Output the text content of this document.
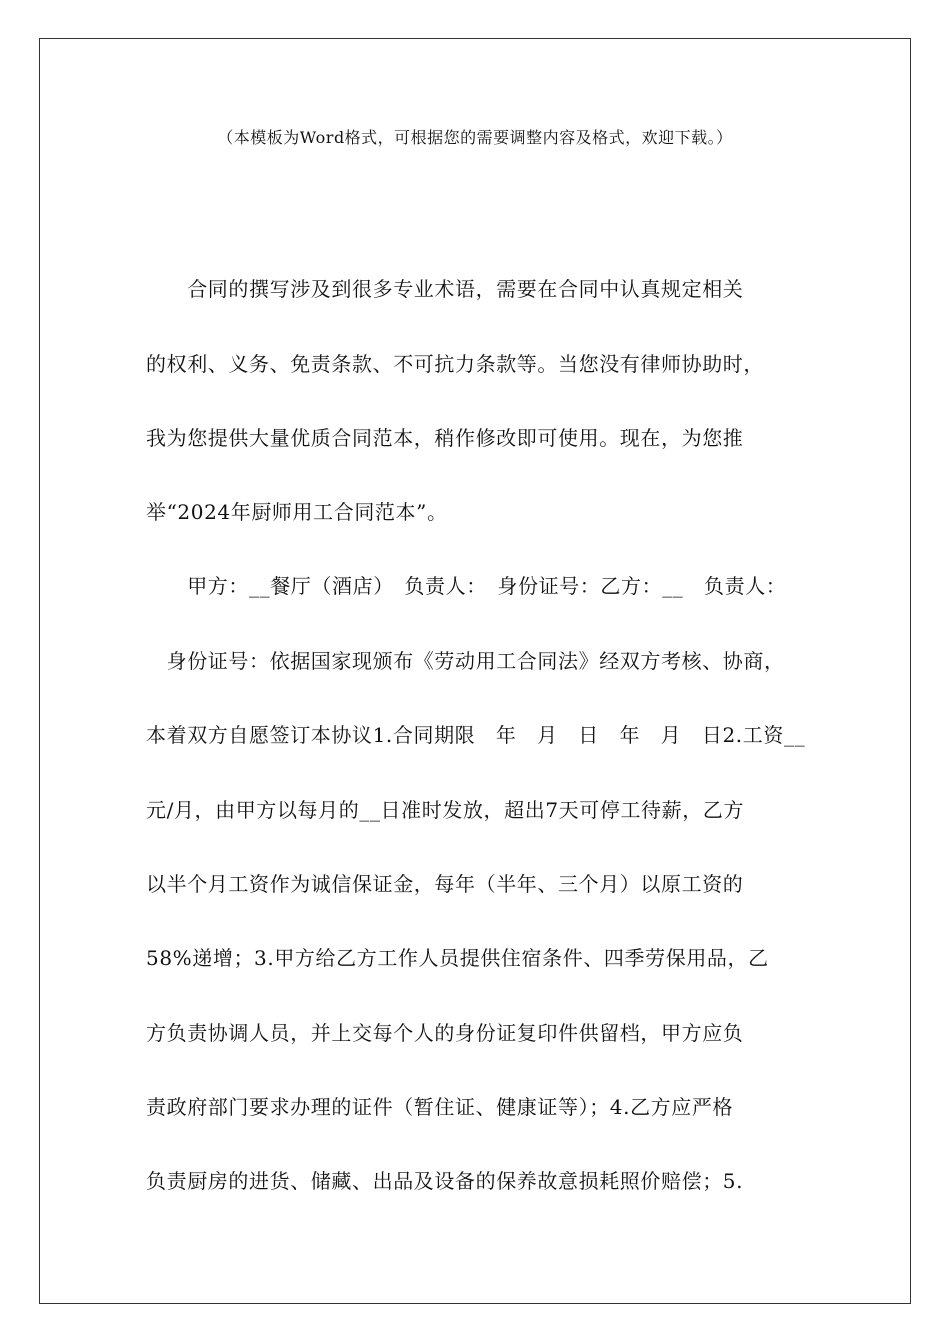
（本模板为Word格式，可根据您的需要调整内容及格式，欢迎下载。）
　　合同的撰写涉及到很多专业术语，需要在合同中认真规定相关
的权利、义务、免责条款、不可抗力条款等。当您没有律师协助时，
我为您提供大量优质合同范本，稍作修改即可使用。现在，为您推
举“2024年厨师用工合同范本”。
　　甲方：__餐厅（酒店）　负责人：　身份证号：乙方：__　负责人：
　身份证号：依据国家现颁布《劳动用工合同法》经双方考核、协商，
本着双方自愿签订本协议1.合同期限　年　月　日　年　月　日2.工资__
元/月，由甲方以每月的__日准时发放，超出7天可停工待薪，乙方
以半个月工资作为诚信保证金，每年（半年、三个月）以原工资的
58%递增；3.甲方给乙方工作人员提供住宿条件、四季劳保用品，乙
方负责协调人员，并上交每个人的身份证复印件供留档，甲方应负
责政府部门要求办理的证件（暂住证、健康证等）；4.乙方应严格
负责厨房的进货、储藏、出品及设备的保养故意损耗照价赔偿；5.
